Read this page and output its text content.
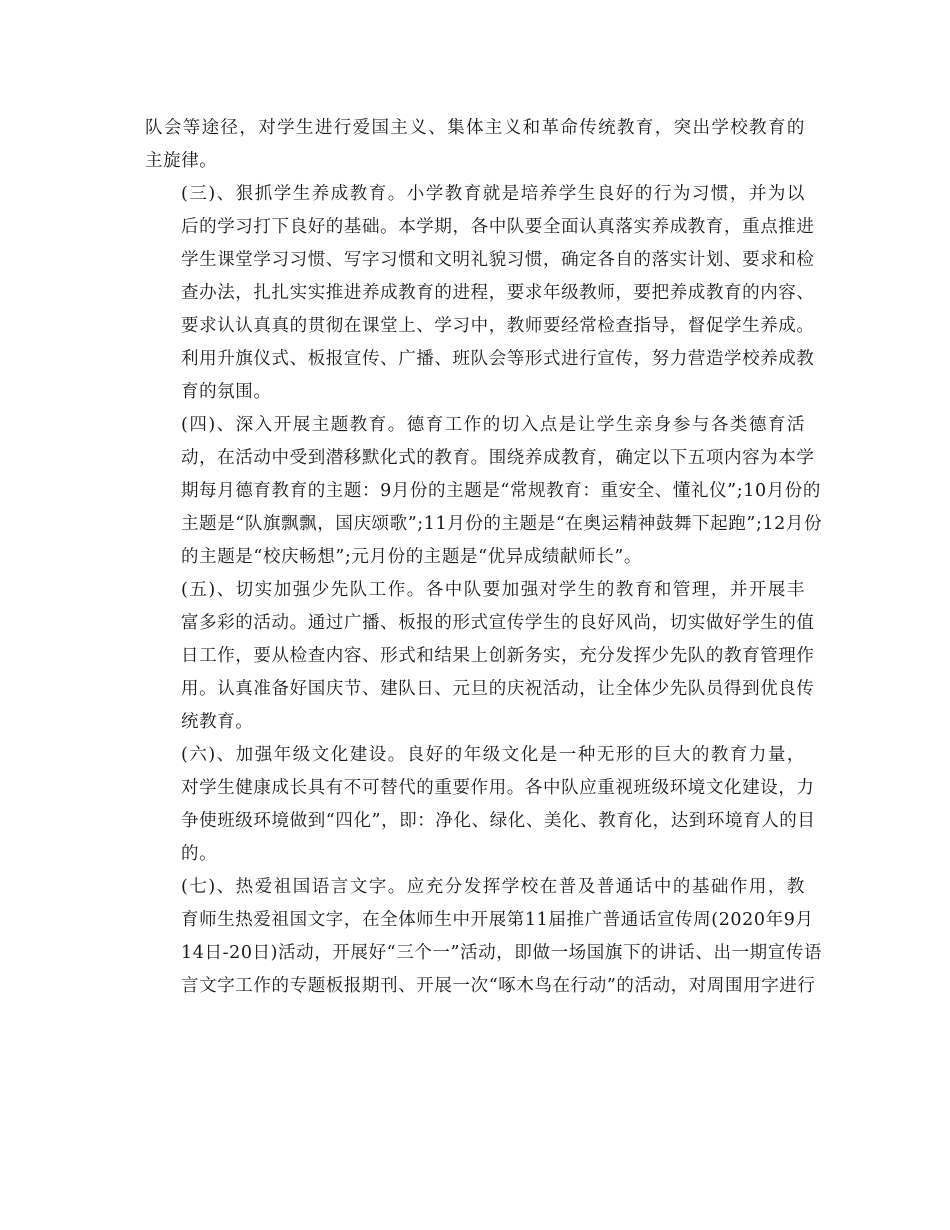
队会等途径，对学生进行爱国主义、集体主义和革命传统教育，突出学校教育的
主旋律。

(三)、狠抓学生养成教育。小学教育就是培养学生良好的行为习惯，并为以
后的学习打下良好的基础。本学期，各中队要全面认真落实养成教育，重点推进
学生课堂学习习惯、写字习惯和文明礼貌习惯，确定各自的落实计划、要求和检
查办法，扎扎实实推进养成教育的进程，要求年级教师，要把养成教育的内容、
要求认认真真的贯彻在课堂上、学习中，教师要经常检查指导，督促学生养成。
利用升旗仪式、板报宣传、广播、班队会等形式进行宣传，努力营造学校养成教
育的氛围。

(四)、深入开展主题教育。德育工作的切入点是让学生亲身参与各类德育活
动，在活动中受到潜移默化式的教育。围绕养成教育，确定以下五项内容为本学
期每月德育教育的主题：9月份的主题是“常规教育：重安全、懂礼仪”;10月份的
主题是“队旗飘飘，国庆颂歌”;11月份的主题是“在奥运精神鼓舞下起跑”;12月份
的主题是“校庆畅想”;元月份的主题是“优异成绩献师长”。

(五)、切实加强少先队工作。各中队要加强对学生的教育和管理，并开展丰
富多彩的活动。通过广播、板报的形式宣传学生的良好风尚，切实做好学生的值
日工作，要从检查内容、形式和结果上创新务实，充分发挥少先队的教育管理作
用。认真准备好国庆节、建队日、元旦的庆祝活动，让全体少先队员得到优良传
统教育。

(六)、加强年级文化建设。良好的年级文化是一种无形的巨大的教育力量，
对学生健康成长具有不可替代的重要作用。各中队应重视班级环境文化建设，力
争使班级环境做到“四化”，即：净化、绿化、美化、教育化，达到环境育人的目
的。

(七)、热爱祖国语言文字。应充分发挥学校在普及普通话中的基础作用，教
育师生热爱祖国文字，在全体师生中开展第11届推广普通话宣传周(2020年9月
14日-20日)活动，开展好“三个一”活动，即做一场国旗下的讲话、出一期宣传语
言文字工作的专题板报期刊、开展一次“啄木鸟在行动”的活动，对周围用字进行
